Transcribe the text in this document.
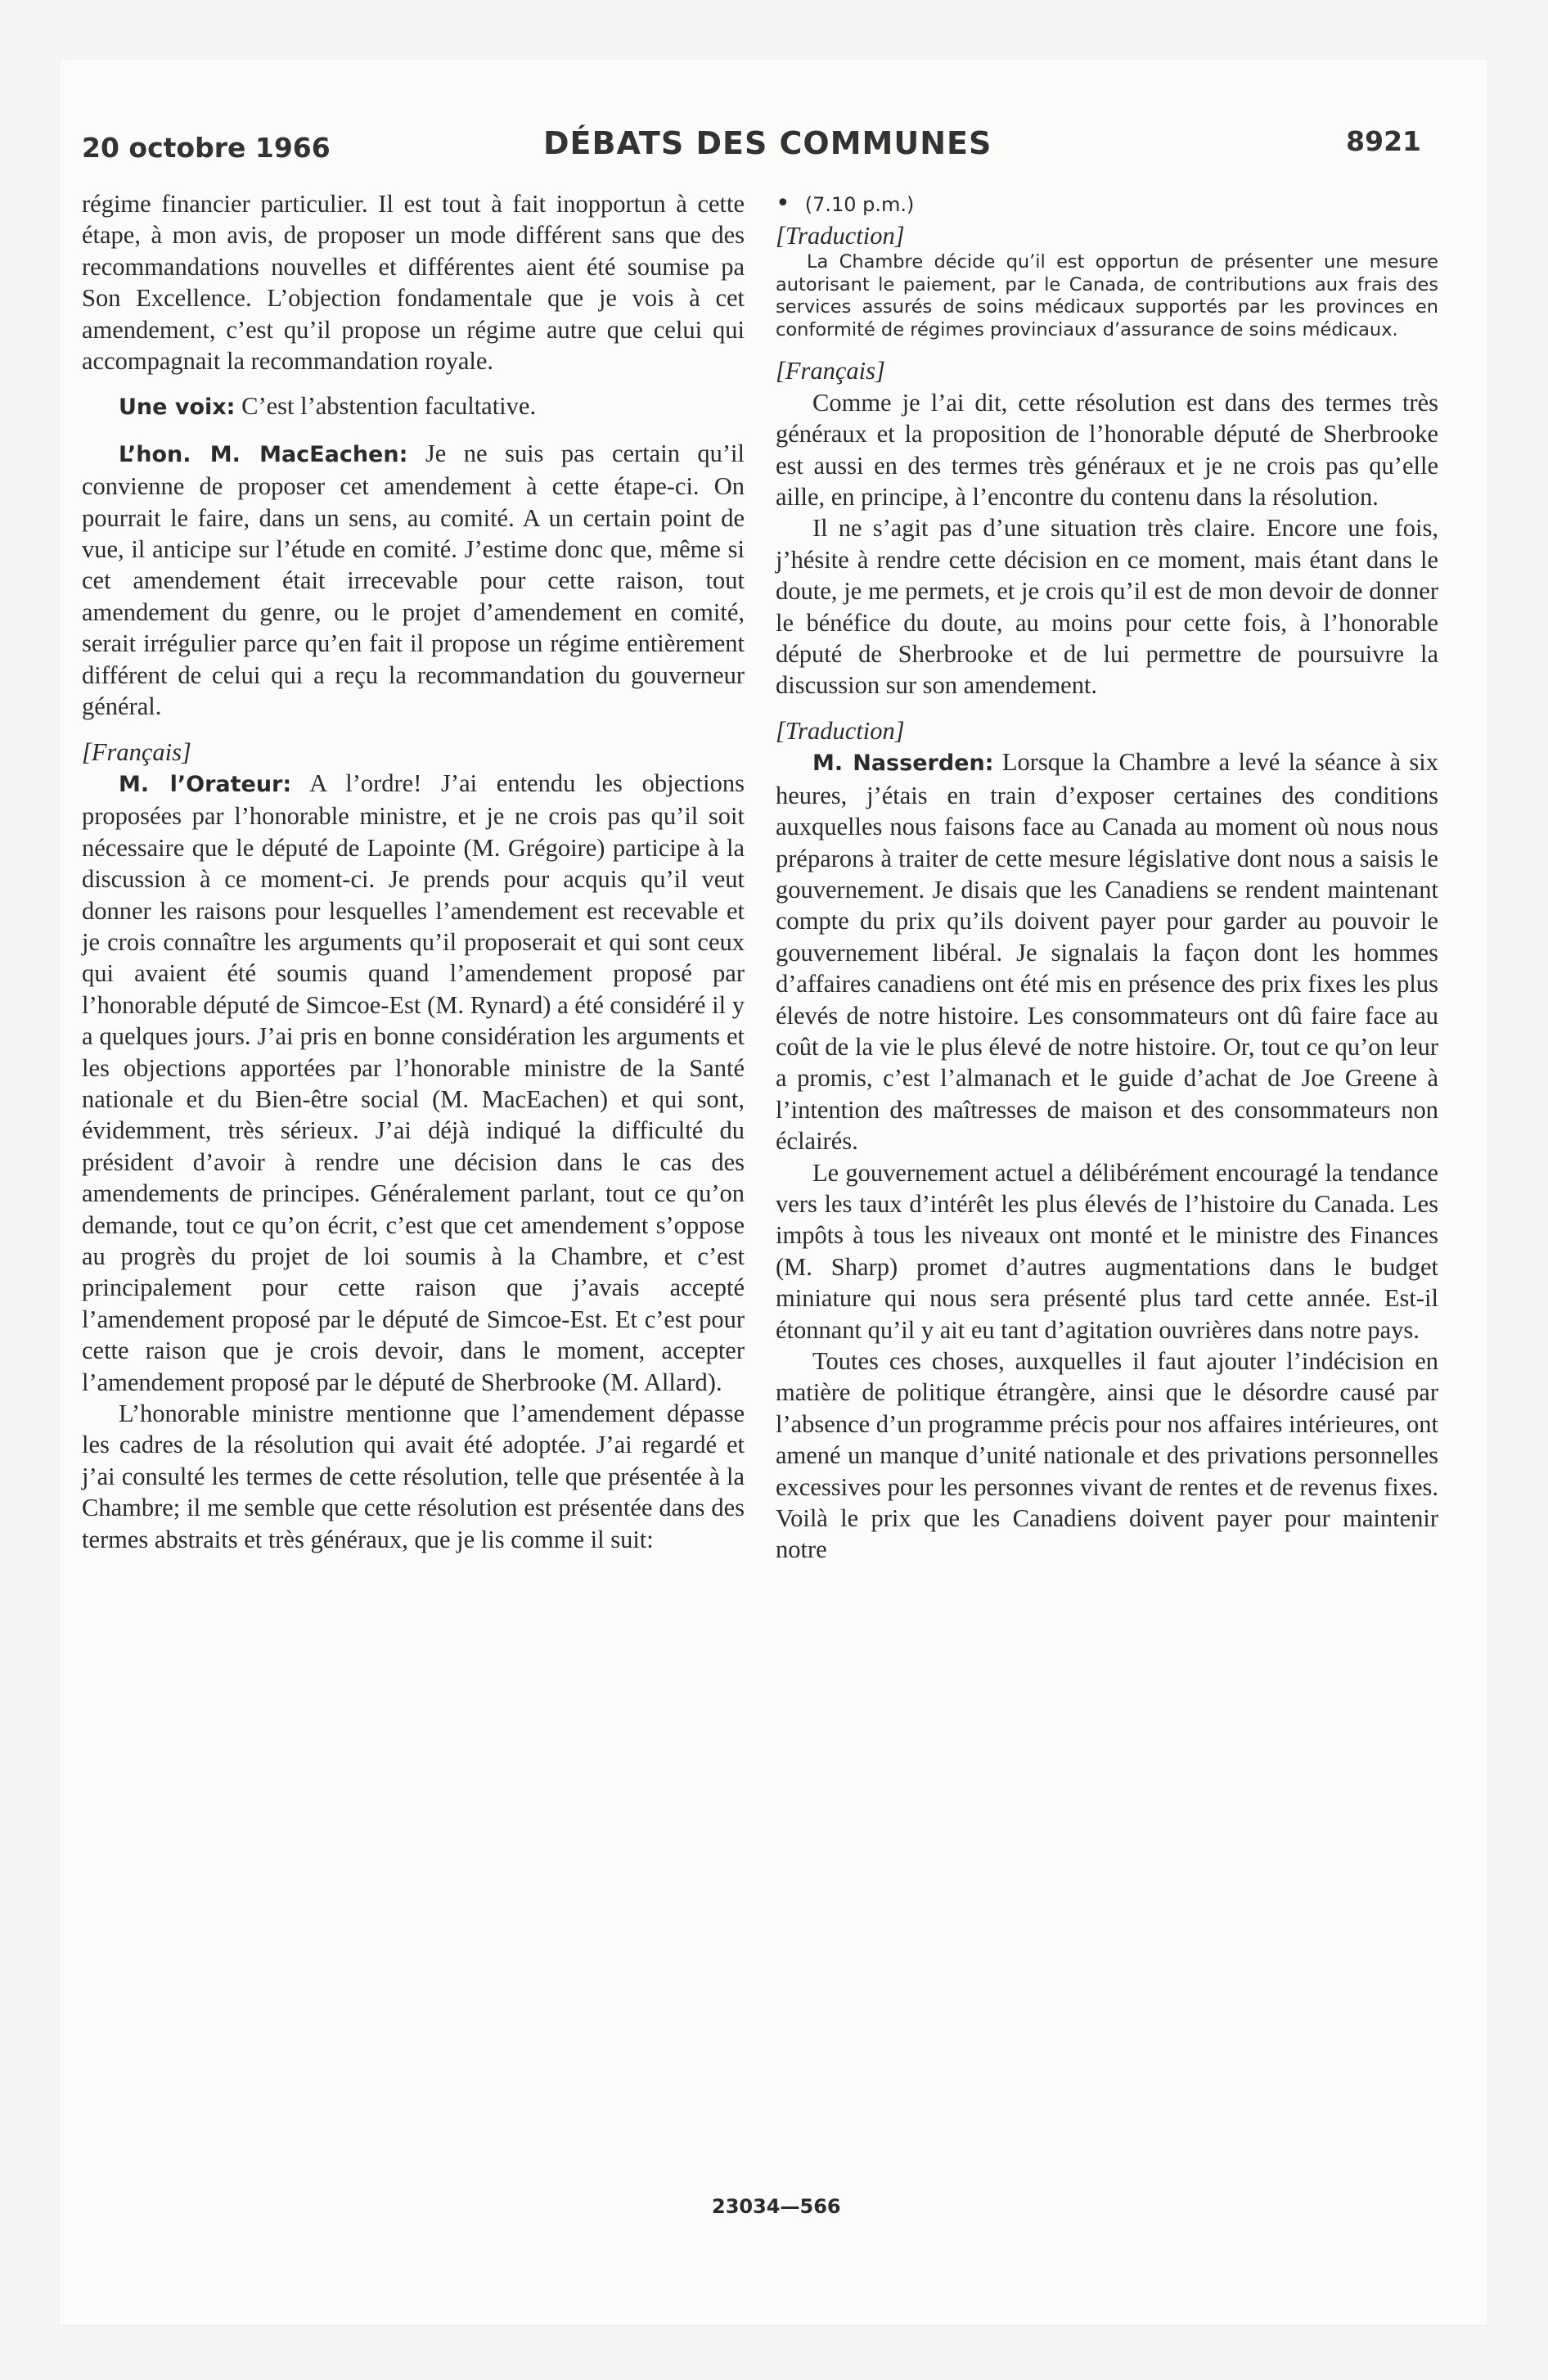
20 octobre 1966	DÉBATS DES COMMUNES	8921

régime financier particulier. Il est tout à fait inopportun à cette étape, à mon avis, de proposer un mode différent sans que des recommandations nouvelles et différentes aient été soumise pa Son Excellence. L’objection fondamentale que je vois à cet amendement, c’est qu’il propose un régime autre que celui qui accompagnait la recommandation royale.

Une voix: C’est l’abstention facultative.

L’hon. M. MacEachen: Je ne suis pas certain qu’il convienne de proposer cet amendement à cette étape-ci. On pourrait le faire, dans un sens, au comité. A un certain point de vue, il anticipe sur l’étude en comité. J’estime donc que, même si cet amendement était irrecevable pour cette raison, tout amendement du genre, ou le projet d’amendement en comité, serait irrégulier parce qu’en fait il propose un régime entièrement différent de celui qui a reçu la recommandation du gouverneur général.

[Français]

M. l’Orateur: A l’ordre! J’ai entendu les objections proposées par l’honorable ministre, et je ne crois pas qu’il soit nécessaire que le député de Lapointe (M. Grégoire) participe à la discussion à ce moment-ci. Je prends pour acquis qu’il veut donner les raisons pour lesquelles l’amendement est recevable et je crois connaître les arguments qu’il proposerait et qui sont ceux qui avaient été soumis quand l’amendement proposé par l’honorable député de Simcoe-Est (M. Rynard) a été considéré il y a quelques jours. J’ai pris en bonne considération les arguments et les objections apportées par l’honorable ministre de la Santé nationale et du Bien-être social (M. MacEachen) et qui sont, évidemment, très sérieux. J’ai déjà indiqué la difficulté du président d’avoir à rendre une décision dans le cas des amendements de principes. Généralement parlant, tout ce qu’on demande, tout ce qu’on écrit, c’est que cet amendement s’oppose au progrès du projet de loi soumis à la Chambre, et c’est principalement pour cette raison que j’avais accepté l’amendement proposé par le député de Simcoe-Est. Et c’est pour cette raison que je crois devoir, dans le moment, accepter l’amendement proposé par le député de Sherbrooke (M. Allard).

L’honorable ministre mentionne que l’amendement dépasse les cadres de la résolution qui avait été adoptée. J’ai regardé et j’ai consulté les termes de cette résolution, telle que présentée à la Chambre; il me semble que cette résolution est présentée dans des termes abstraits et très généraux, que je lis comme il suit:

• (7.10 p.m.)

[Traduction]

La Chambre décide qu’il est opportun de présenter une mesure autorisant le paiement, par le Canada, de contributions aux frais des services assurés de soins médicaux supportés par les provinces en conformité de régimes provinciaux d’assurance de soins médicaux.

[Français]

Comme je l’ai dit, cette résolution est dans des termes très généraux et la proposition de l’honorable député de Sherbrooke est aussi en des termes très généraux et je ne crois pas qu’elle aille, en principe, à l’encontre du contenu dans la résolution.

Il ne s’agit pas d’une situation très claire. Encore une fois, j’hésite à rendre cette décision en ce moment, mais étant dans le doute, je me permets, et je crois qu’il est de mon devoir de donner le bénéfice du doute, au moins pour cette fois, à l’honorable député de Sherbrooke et de lui permettre de poursuivre la discussion sur son amendement.

[Traduction]

M. Nasserden: Lorsque la Chambre a levé la séance à six heures, j’étais en train d’exposer certaines des conditions auxquelles nous faisons face au Canada au moment où nous nous préparons à traiter de cette mesure législative dont nous a saisis le gouvernement. Je disais que les Canadiens se rendent maintenant compte du prix qu’ils doivent payer pour garder au pouvoir le gouvernement libéral. Je signalais la façon dont les hommes d’affaires canadiens ont été mis en présence des prix fixes les plus élevés de notre histoire. Les consommateurs ont dû faire face au coût de la vie le plus élevé de notre histoire. Or, tout ce qu’on leur a promis, c’est l’almanach et le guide d’achat de Joe Greene à l’intention des maîtresses de maison et des consommateurs non éclairés.

Le gouvernement actuel a délibérément encouragé la tendance vers les taux d’intérêt les plus élevés de l’histoire du Canada. Les impôts à tous les niveaux ont monté et le ministre des Finances (M. Sharp) promet d’autres augmentations dans le budget miniature qui nous sera présenté plus tard cette année. Est-il étonnant qu’il y ait eu tant d’agitation ouvrières dans notre pays.

Toutes ces choses, auxquelles il faut ajouter l’indécision en matière de politique étrangère, ainsi que le désordre causé par l’absence d’un programme précis pour nos affaires intérieures, ont amené un manque d’unité nationale et des privations personnelles excessives pour les personnes vivant de rentes et de revenus fixes. Voilà le prix que les Canadiens doivent payer pour maintenir notre

23034—566
